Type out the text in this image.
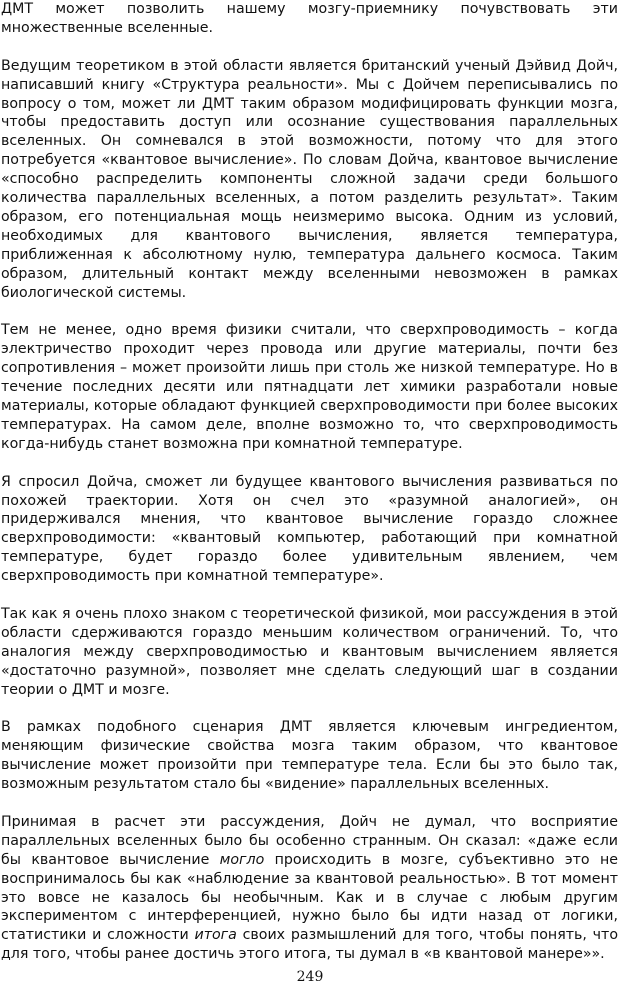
ДМТ может позволить нашему мозгу-приемнику почувствовать эти множественные вселенные.

Ведущим теоретиком в этой области является британский ученый Дэйвид Дойч, написавший книгу «Структура реальности». Мы с Дойчем переписывались по вопросу о том, может ли ДМТ таким образом модифицировать функции мозга, чтобы предоставить доступ или осознание существования параллельных вселенных. Он сомневался в этой возможности, потому что для этого потребуется «квантовое вычисление». По словам Дойча, квантовое вычисление «способно распределить компоненты сложной задачи среди большого количества параллельных вселенных, а потом разделить результат». Таким образом, его потенциальная мощь неизмеримо высока. Одним из условий, необходимых для квантового вычисления, является температура, приближенная к абсолютному нулю, температура дальнего космоса. Таким образом, длительный контакт между вселенными невозможен в рамках биологической системы.

Тем не менее, одно время физики считали, что сверхпроводимость – когда электричество проходит через провода или другие материалы, почти без сопротивления – может произойти лишь при столь же низкой температуре. Но в течение последних десяти или пятнадцати лет химики разработали новые материалы, которые обладают функцией сверхпроводимости при более высоких температурах. На самом деле, вполне возможно то, что сверхпроводимость когда-нибудь станет возможна при комнатной температуре.

Я спросил Дойча, сможет ли будущее квантового вычисления развиваться по похожей траектории. Хотя он счел это «разумной аналогией», он придерживался мнения, что квантовое вычисление гораздо сложнее сверхпроводимости: «квантовый компьютер, работающий при комнатной температуре, будет гораздо более удивительным явлением, чем сверхпроводимость при комнатной температуре».

Так как я очень плохо знаком с теоретической физикой, мои рассуждения в этой области сдерживаются гораздо меньшим количеством ограничений. То, что аналогия между сверхпроводимостью и квантовым вычислением является «достаточно разумной», позволяет мне сделать следующий шаг в создании теории о ДМТ и мозге.

В рамках подобного сценария ДМТ является ключевым ингредиентом, меняющим физические свойства мозга таким образом, что квантовое вычисление может произойти при температуре тела. Если бы это было так, возможным результатом стало бы «видение» параллельных вселенных.

Принимая в расчет эти рассуждения, Дойч не думал, что восприятие параллельных вселенных было бы особенно странным. Он сказал: «даже если бы квантовое вычисление могло происходить в мозге, субъективно это не воспринималось бы как «наблюдение за квантовой реальностью». В тот момент это вовсе не казалось бы необычным. Как и в случае с любым другим экспериментом с интерференцией, нужно было бы идти назад от логики, статистики и сложности итога своих размышлений для того, чтобы понять, что для того, чтобы ранее достичь этого итога, ты думал в «в квантовой манере»».

249
